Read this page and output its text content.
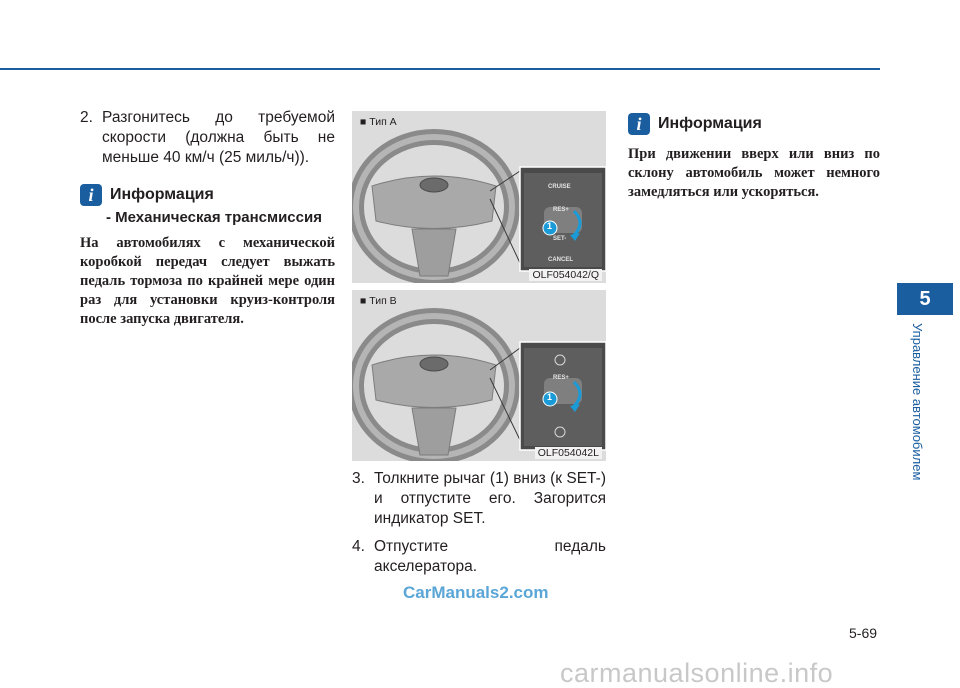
2. Разгонитесь до требуемой скорости (должна быть не меньше 40 км/ч (25 миль/ч)).
i	Информация
- Механическая трансмиссия
На автомобилях с механической коробкой передач следует выжать педаль тормоза по крайней мере один раз для установки круиз-контроля после запуска двигателя.
■ Тип A
CRUISE
RES+
SET-
CANCEL
1
OLF054042/Q
■ Тип B
RES+
1
OLF054042L
3. Толкните рычаг (1) вниз (к SET-) и отпустите его. Загорится индикатор SET.
4. Отпустите педаль акселератора.
i	Информация
При движении вверх или вниз по склону автомобиль может немного замедляться или ускоряться.
5
Управление автомобилем
CarManuals2.com
5-69
carmanualsonline.info
